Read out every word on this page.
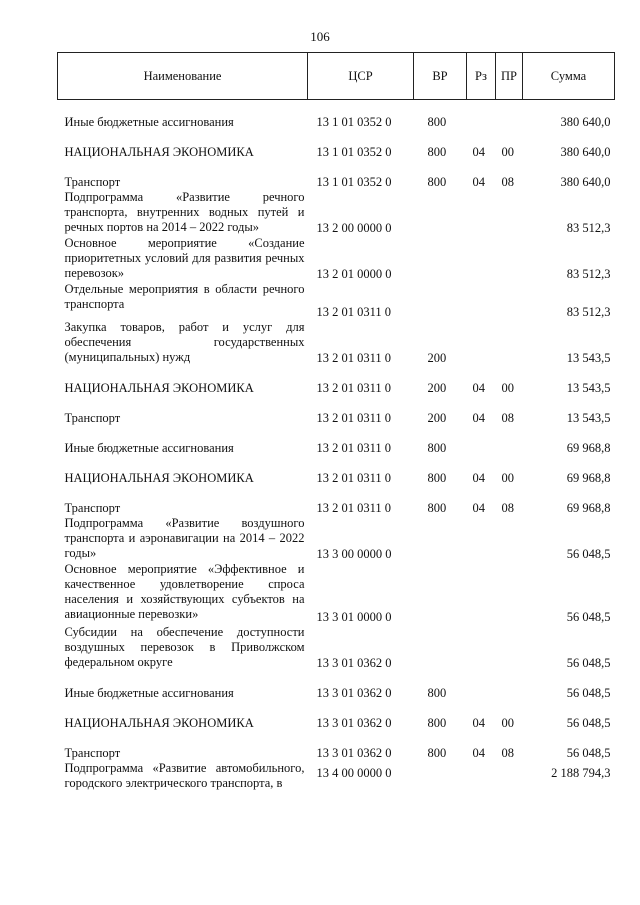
106
Наименование	ЦСР	ВР	Рз	ПР	Сумма
Иные бюджетные ассигнования	13 1 01 0352 0	800			380 640,0
НАЦИОНАЛЬНАЯ ЭКОНОМИКА	13 1 01 0352 0	800	04	00	380 640,0
Транспорт	13 1 01 0352 0	800	04	08	380 640,0
Подпрограмма «Развитие речного транспорта, внутренних водных путей и речных портов на 2014 – 2022 годы»	13 2 00 0000 0				83 512,3
Основное мероприятие «Создание приоритетных условий для развития речных перевозок»	13 2 01 0000 0				83 512,3
Отдельные мероприятия в области речного транспорта	13 2 01 0311 0				83 512,3
Закупка товаров, работ и услуг для обеспечения государственных (муниципальных) нужд	13 2 01 0311 0	200			13 543,5
НАЦИОНАЛЬНАЯ ЭКОНОМИКА	13 2 01 0311 0	200	04	00	13 543,5
Транспорт	13 2 01 0311 0	200	04	08	13 543,5
Иные бюджетные ассигнования	13 2 01 0311 0	800			69 968,8
НАЦИОНАЛЬНАЯ ЭКОНОМИКА	13 2 01 0311 0	800	04	00	69 968,8
Транспорт	13 2 01 0311 0	800	04	08	69 968,8
Подпрограмма «Развитие воздушного транспорта и аэронавигации на 2014 – 2022 годы»	13 3 00 0000 0				56 048,5
Основное мероприятие «Эффективное и качественное удовлетворение спроса населения и хозяйствующих субъектов на авиационные перевозки»	13 3 01 0000 0				56 048,5
Субсидии на обеспечение доступности воздушных перевозок в Приволжском федеральном округе	13 3 01 0362 0				56 048,5
Иные бюджетные ассигнования	13 3 01 0362 0	800			56 048,5
НАЦИОНАЛЬНАЯ ЭКОНОМИКА	13 3 01 0362 0	800	04	00	56 048,5
Транспорт	13 3 01 0362 0	800	04	08	56 048,5
Подпрограмма «Развитие автомобильного, городского электрического транспорта, в	13 4 00 0000 0				2 188 794,3
